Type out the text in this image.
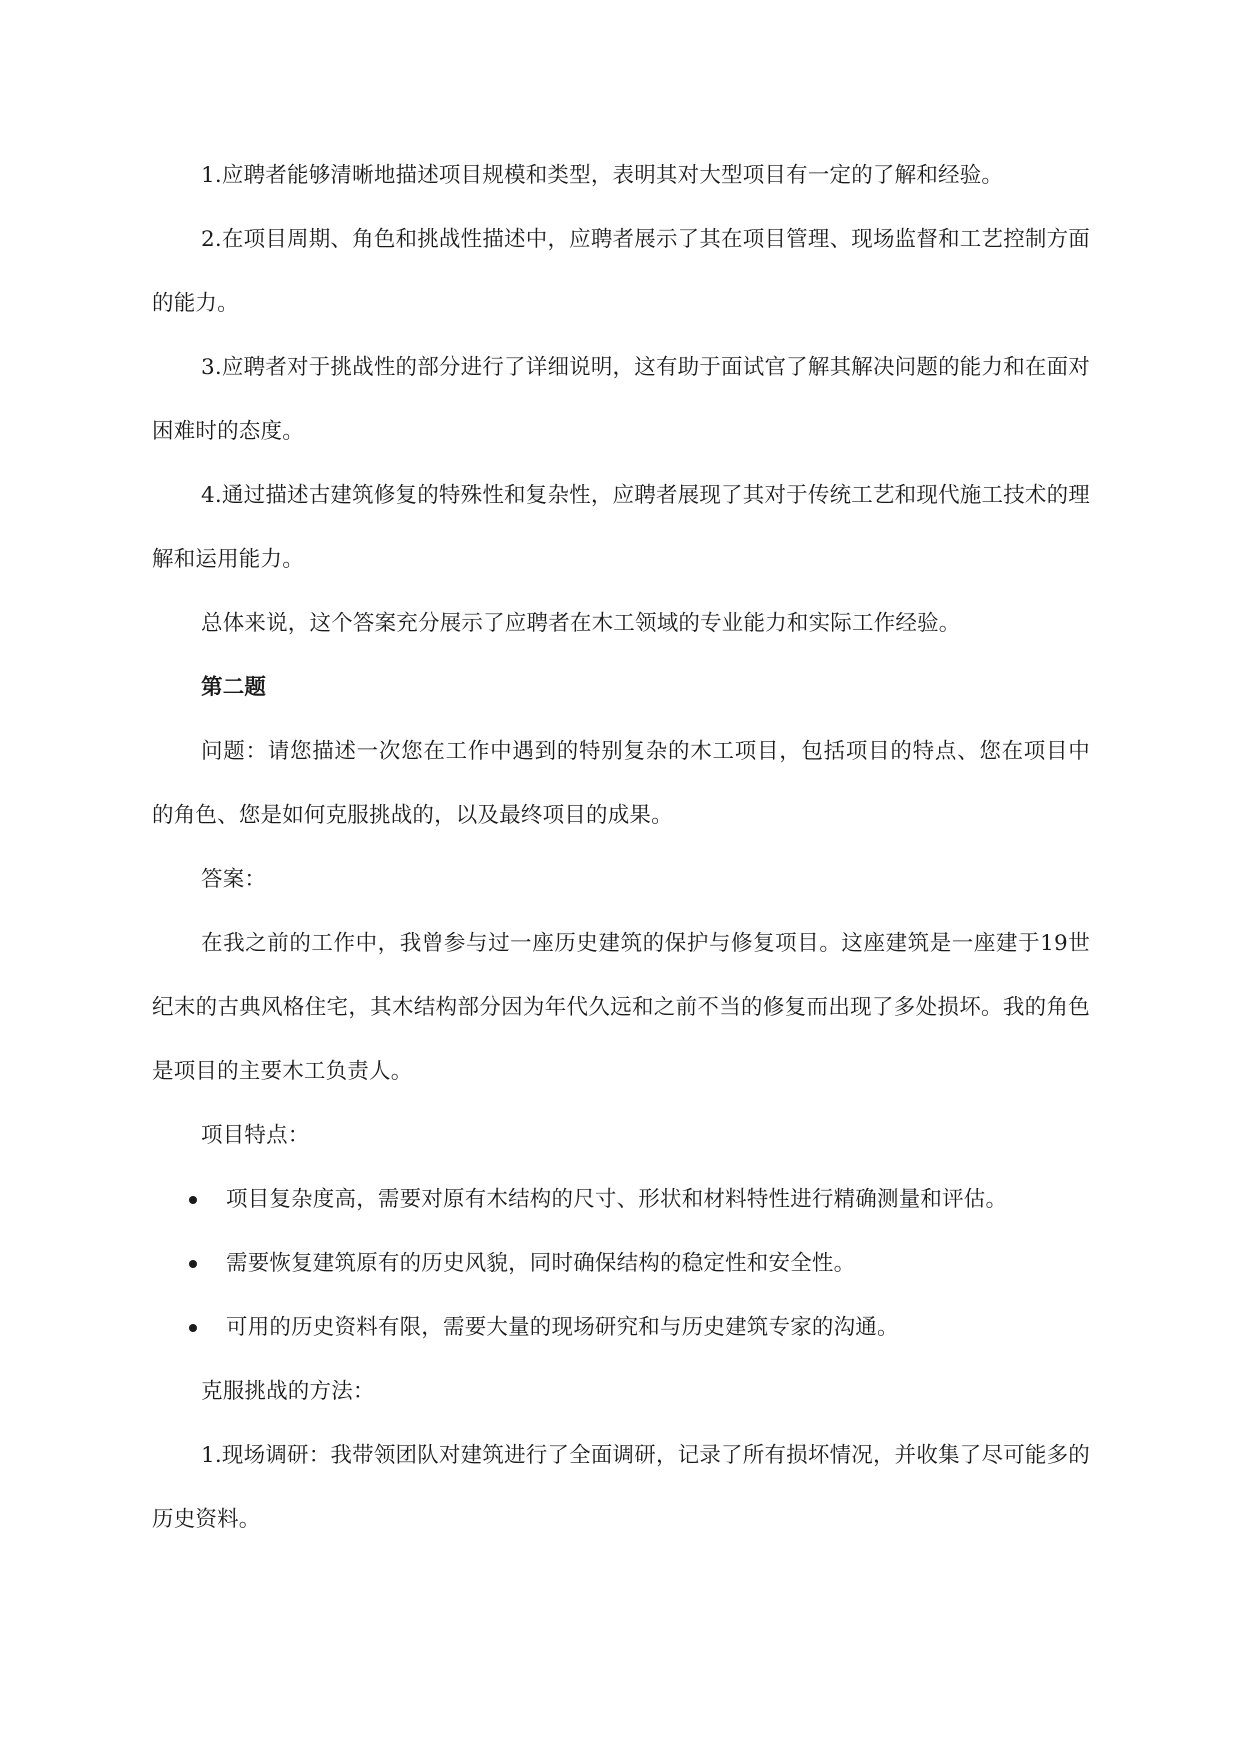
1.应聘者能够清晰地描述项目规模和类型，表明其对大型项目有一定的了解和经验。

2.在项目周期、角色和挑战性描述中，应聘者展示了其在项目管理、现场监督和工艺控制方面的能力。

3.应聘者对于挑战性的部分进行了详细说明，这有助于面试官了解其解决问题的能力和在面对困难时的态度。

4.通过描述古建筑修复的特殊性和复杂性，应聘者展现了其对于传统工艺和现代施工技术的理解和运用能力。

总体来说，这个答案充分展示了应聘者在木工领域的专业能力和实际工作经验。

第二题

问题：请您描述一次您在工作中遇到的特别复杂的木工项目，包括项目的特点、您在项目中的角色、您是如何克服挑战的，以及最终项目的成果。

答案：

在我之前的工作中，我曾参与过一座历史建筑的保护与修复项目。这座建筑是一座建于19世纪末的古典风格住宅，其木结构部分因为年代久远和之前不当的修复而出现了多处损坏。我的角色是项目的主要木工负责人。

项目特点：

项目复杂度高，需要对原有木结构的尺寸、形状和材料特性进行精确测量和评估。
需要恢复建筑原有的历史风貌，同时确保结构的稳定性和安全性。
可用的历史资料有限，需要大量的现场研究和与历史建筑专家的沟通。

克服挑战的方法：

1.现场调研：我带领团队对建筑进行了全面调研，记录了所有损坏情况，并收集了尽可能多的历史资料。
